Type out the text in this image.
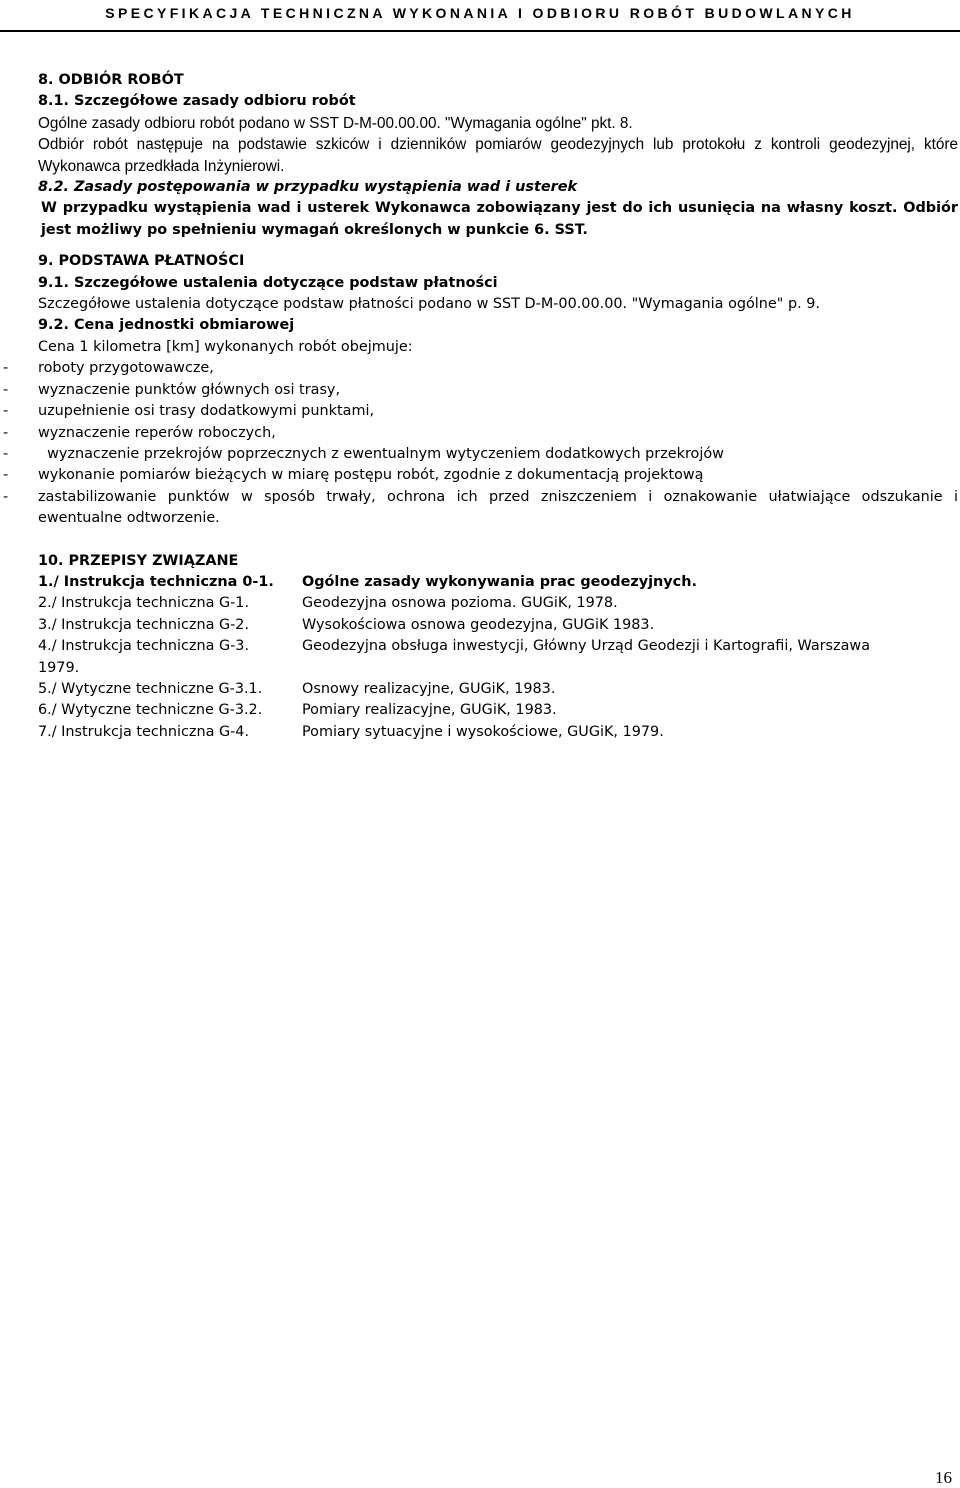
SPECYFIKACJA TECHNICZNA WYKONANIA I ODBIORU ROBÓT BUDOWLANYCH

8. ODBIÓR ROBÓT

8.1. Szczegółowe zasady odbioru robót

Ogólne zasady odbioru robót podano w SST D-M-00.00.00. "Wymagania ogólne" pkt. 8.

Odbiór robót następuje na podstawie szkiców i dzienników pomiarów geodezyjnych lub protokołu z kontroli geodezyjnej, które Wykonawca przedkłada Inżynierowi.

8.2. Zasady postępowania w przypadku wystąpienia wad i usterek

W przypadku wystąpienia wad i usterek Wykonawca zobowiązany jest do ich usunięcia na własny koszt. Odbiór jest możliwy po spełnieniu wymagań określonych w punkcie 6. SST.

9. PODSTAWA PŁATNOŚCI

9.1. Szczegółowe ustalenia dotyczące podstaw płatności

Szczegółowe ustalenia dotyczące podstaw płatności podano w SST D-M-00.00.00. "Wymagania ogólne" p. 9.

9.2. Cena jednostki obmiarowej

Cena 1 kilometra [km] wykonanych robót obejmuje:

- roboty przygotowawcze,
- wyznaczenie punktów głównych osi trasy,
- uzupełnienie osi trasy dodatkowymi punktami,
- wyznaczenie reperów roboczych,
- wyznaczenie przekrojów poprzecznych z ewentualnym wytyczeniem dodatkowych przekrojów
- wykonanie pomiarów bieżących w miarę postępu robót, zgodnie z dokumentacją projektową
- zastabilizowanie punktów w sposób trwały, ochrona ich przed zniszczeniem i oznakowanie ułatwiające odszukanie i ewentualne odtworzenie.

10. PRZEPISY ZWIĄZANE

1./ Instrukcja techniczna 0-1.	Ogólne zasady wykonywania prac geodezyjnych.
2./ Instrukcja techniczna G-1.	Geodezyjna osnowa pozioma. GUGiK, 1978.
3./ Instrukcja techniczna G-2.	Wysokościowa osnowa geodezyjna, GUGiK 1983.
4./ Instrukcja techniczna G-3.	Geodezyjna obsługa inwestycji, Główny Urząd Geodezji i Kartografii, Warszawa

1979.

5./ Wytyczne techniczne G-3.1.	Osnowy realizacyjne, GUGiK, 1983.
6./ Wytyczne techniczne G-3.2.	Pomiary realizacyjne, GUGiK, 1983.
7./ Instrukcja techniczna G-4.	Pomiary sytuacyjne i wysokościowe, GUGiK, 1979.
16
